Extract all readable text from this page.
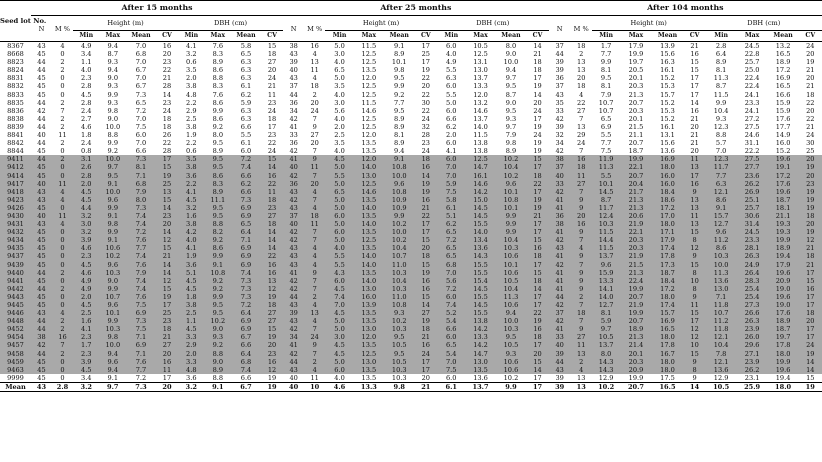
Seed lot No.	After 15 months										After 25 months										After 104 months									
	N	M %	Height (m)				DBH (cm)				N	M %	Height (m)				DBH (cm)				N	M %	Height (m)				DBH (cm)			
			Min	Max	Mean	CV	Min	Max	Mean	CV			Min	Max	Mean	CV	Min	Max	Mean	CV			Min	Max	Mean	CV	Min	Max	Mean	CV
8367	43	4	4.9	9.4	7.0	16	4.1	7.6	5.8	15	38	16	5.0	11.5	9.1	17	6.0	10.5	8.0	14	37	18	1.7	17.9	13.9	21	2.8	24.5	13.2	24
8668	45	0	3.4	8.7	6.8	20	3.2	8.3	6.5	18	43	4	3.0	12.5	8.9	25	4.0	12.5	9.0	21	44	2	7.7	19.9	15.6	16	6.4	22.8	16.5	20
8823	44	2	1.1	9.3	7.0	23	0.6	8.9	6.3	27	39	13	4.0	12.5	10.1	17	4.9	13.1	10.0	18	39	13	9.9	19.7	16.3	15	8.9	25.7	18.9	19
8824	44	2	4.0	9.4	6.7	22	3.5	8.6	6.3	20	40	11	6.5	13.5	9.8	19	5.5	13.0	9.4	18	39	13	8.1	20.5	16.1	15	8.1	25.0	17.2	21
8831	45	0	2.3	9.0	7.0	21	2.0	8.8	6.3	24	43	4	5.0	12.0	9.5	22	6.3	13.7	9.7	17	36	20	9.5	20.1	15.2	17	11.3	22.4	16.9	20
8832	45	0	2.8	9.3	6.7	28	3.8	8.3	6.1	21	37	18	3.5	12.5	9.9	20	6.0	13.3	9.5	19	37	18	8.1	20.3	15.3	17	8.7	22.4	16.5	21
8833	45	0	4.5	9.9	7.3	14	4.8	7.6	6.2	11	44	2	4.0	12.5	9.2	22	5.5	12.0	8.7	14	43	4	7.9	21.3	15.7	17	11.5	24.1	16.6	18
8835	44	2	2.8	9.3	6.5	23	2.2	8.6	5.9	23	36	20	3.0	11.5	7.7	30	5.0	13.2	9.0	20	35	22	10.7	20.7	15.2	14	9.9	23.3	15.9	22
8836	42	7	2.4	9.8	7.2	24	2.9	9.9	6.3	24	34	24	5.6	14.6	9.5	22	6.0	14.6	9.5	24	33	27	10.7	20.3	15.3	16	10.4	24.1	15.9	20
8838	44	2	2.7	9.0	7.0	18	2.5	8.6	6.3	18	42	7	4.0	12.5	8.9	24	6.6	13.7	9.3	17	42	7	6.5	20.1	15.2	21	9.3	27.2	17.6	22
8839	44	2	4.6	10.0	7.5	18	3.8	9.2	6.6	17	41	9	2.0	12.5	8.9	32	6.2	14.0	9.7	19	39	13	6.9	21.5	16.1	20	12.3	27.5	17.7	21
8841	40	11	1.8	8.8	6.0	26	1.9	8.0	5.5	23	33	27	2.5	12.0	8.1	28	2.0	11.5	7.9	24	32	29	5.5	21.1	13.1	21	8.8	24.6	14.9	24
8842	44	2	2.4	9.9	7.0	22	2.2	9.5	6.1	22	36	20	3.5	13.5	8.9	23	6.0	13.8	9.8	19	34	24	7.7	20.7	15.6	21	5.7	31.1	16.0	30
8844	45	0	0.8	9.2	6.6	28	0.6	8.9	6.0	24	42	7	4.0	13.5	9.4	24	4.1	13.8	8.9	19	42	7	7.5	18.7	13.6	20	7.0	22.2	15.2	25
9411	44	2	3.1	10.0	7.3	17	3.5	9.5	7.2	15	41	9	4.5	12.0	9.1	18	6.0	12.5	10.2	15	38	16	11.9	19.9	16.9	11	12.3	27.5	19.6	20
9412	45	0	2.6	9.7	8.1	15	3.8	9.5	7.4	14	40	11	5.0	14.0	10.8	16	7.0	14.7	10.4	17	37	18	11.3	22.1	18.0	13	11.7	27.7	19.1	19
9414	45	0	2.8	9.5	7.1	19	3.6	8.6	6.6	16	42	7	5.5	13.0	10.0	14	7.0	16.1	10.2	18	40	11	5.5	20.7	16.0	17	7.7	23.6	17.2	20
9417	40	11	2.0	9.1	6.8	25	2.2	8.3	6.2	22	36	20	5.0	12.5	9.6	19	5.9	14.6	9.6	22	33	27	10.1	20.4	16.0	16	6.3	26.2	17.6	23
9418	43	4	4.5	10.0	7.9	13	4.1	8.9	6.6	11	43	4	6.5	14.6	10.8	19	7.5	14.2	10.1	17	42	7	14.5	21.7	18.4	9	12.1	26.9	19.6	19
9423	43	4	4.5	9.6	8.0	15	4.5	11.1	7.3	18	42	7	5.0	13.5	10.9	16	5.8	15.0	10.8	19	41	9	8.7	21.3	18.6	13	8.6	25.1	18.7	19
9426	45	0	4.4	9.9	7.3	14	3.2	9.5	6.9	23	43	4	5.0	14.0	10.9	21	6.1	14.5	10.1	19	41	9	11.7	21.3	17.2	13	9.1	25.7	18.1	19
9430	40	11	3.2	9.1	7.4	23	1.6	9.5	6.9	27	37	18	6.0	13.5	9.9	22	5.1	14.5	9.9	21	36	20	12.4	20.6	17.0	11	15.7	30.6	21.1	18
9431	43	4	3.0	9.8	7.4	20	3.8	8.8	6.5	18	40	11	5.0	14.0	10.2	17	6.2	15.5	9.9	17	38	16	10.3	21.9	18.0	13	12.7	31.4	19.3	20
9432	45	0	3.2	9.9	7.2	14	4.2	8.2	6.4	14	42	7	6.0	13.5	10.0	17	6.5	14.0	9.9	17	41	9	11.5	22.1	17.1	15	9.6	24.5	19.3	19
9434	45	0	3.9	9.1	7.6	12	4.0	9.2	7.1	14	42	7	5.0	12.5	10.2	15	7.2	13.4	10.4	15	42	7	14.4	20.3	17.9	8	11.2	23.3	19.9	12
9435	45	0	4.6	10.6	7.7	15	4.1	8.6	6.9	14	43	4	4.0	13.5	10.4	20	6.5	13.6	10.3	16	43	4	11.5	20.3	17.4	12	8.6	28.1	18.9	21
9437	45	0	2.3	10.2	7.4	21	1.9	9.9	6.9	22	43	4	5.5	14.0	10.7	18	6.5	14.3	10.6	18	41	9	13.7	21.9	17.8	9	10.3	26.3	19.4	18
9439	45	0	4.5	9.6	7.6	14	3.6	9.1	6.9	16	43	4	5.5	14.0	11.0	15	6.8	15.5	10.1	17	42	7	9.6	21.5	17.3	15	10.0	24.9	17.9	21
9440	44	2	4.6	10.3	7.9	14	5.1	10.8	7.4	16	41	9	4.3	13.5	10.3	19	7.0	15.5	10.6	15	41	9	15.9	21.3	18.7	8	11.3	26.4	19.6	17
9441	45	0	4.9	9.0	7.4	12	4.5	9.2	7.3	13	42	7	6.0	14.0	10.4	16	5.6	15.4	10.5	18	41	9	13.3	22.4	18.4	10	13.6	28.3	20.9	15
9442	44	2	4.9	9.9	7.4	15	4.5	9.2	7.3	12	42	7	4.5	13.0	10.3	16	7.2	14.5	10.4	14	41	9	14.1	19.9	17.2	8	13.0	25.4	19.0	16
9443	45	0	2.0	10.7	7.6	19	1.8	9.9	7.3	19	44	2	7.4	16.0	11.0	15	6.0	15.5	11.3	17	44	2	14.0	20.7	18.0	9	7.1	25.4	19.6	17
9445	45	0	4.5	9.6	7.5	17	3.8	9.5	7.2	18	43	4	7.0	13.9	10.8	14	7.4	14.5	10.6	17	42	7	12.7	21.9	17.4	11	11.8	27.3	19.0	17
9446	43	4	2.5	10.1	6.9	25	2.5	9.5	6.4	27	39	13	4.5	13.5	9.3	27	5.2	15.5	9.4	22	37	18	8.1	19.9	15.7	15	10.7	26.6	17.6	18
9448	44	2	1.6	9.9	7.3	23	1.1	10.2	6.9	27	43	4	5.0	13.5	10.2	19	5.4	13.8	10.0	19	42	7	5.9	20.7	16.9	17	11.2	26.3	18.9	20
9452	44	2	4.1	10.3	7.5	18	4.5	9.0	6.9	15	42	7	5.0	13.0	10.3	18	6.6	14.2	10.3	16	41	9	9.7	18.9	16.5	12	11.8	23.9	18.7	17
9454	38	16	2.3	9.8	7.1	21	3.3	9.3	6.7	19	34	24	3.0	12.0	9.5	21	6.0	13.3	9.5	18	33	27	10.5	21.3	18.0	12	12.1	26.0	19.7	17
9457	42	7	1.7	10.0	6.9	27	2.9	9.2	6.6	20	41	9	4.5	13.5	10.5	16	6.5	14.2	10.5	17	40	11	13.7	21.4	17.8	10	10.4	29.6	17.8	24
9458	44	2	2.3	9.4	7.1	20	2.0	8.8	6.4	23	42	7	4.5	12.5	9.5	24	5.4	14.7	9.3	20	39	13	8.0	20.1	16.7	15	7.8	27.1	18.0	19
9459	45	0	3.9	9.6	7.6	16	3.3	9.0	6.8	16	44	2	5.0	13.0	10.5	17	7.0	13.0	10.6	15	44	2	14.3	20.3	18.0	9	12.1	23.9	19.9	14
9463	45	0	4.5	9.4	7.7	11	4.8	8.9	7.4	12	43	4	6.0	13.5	10.3	17	7.5	13.5	10.6	14	43	4	14.3	20.9	18.0	8	13.6	26.2	19.6	14
9999	45	0	3.4	9.1	7.2	17	3.6	8.8	6.6	19	40	11	4.0	13.5	10.3	20	6.0	13.6	10.2	17	39	13	12.9	19.9	17.5	9	12.9	23.1	19.4	15
Mean	43	2.8	3.2	9.7	7.3	20	3.2	9.1	6.7	19	40	10	4.6	13.3	9.8	21	6.1	13.7	9.9	17	39	13	10.2	20.7	16.5	14	10.5	25.9	18.0	19
